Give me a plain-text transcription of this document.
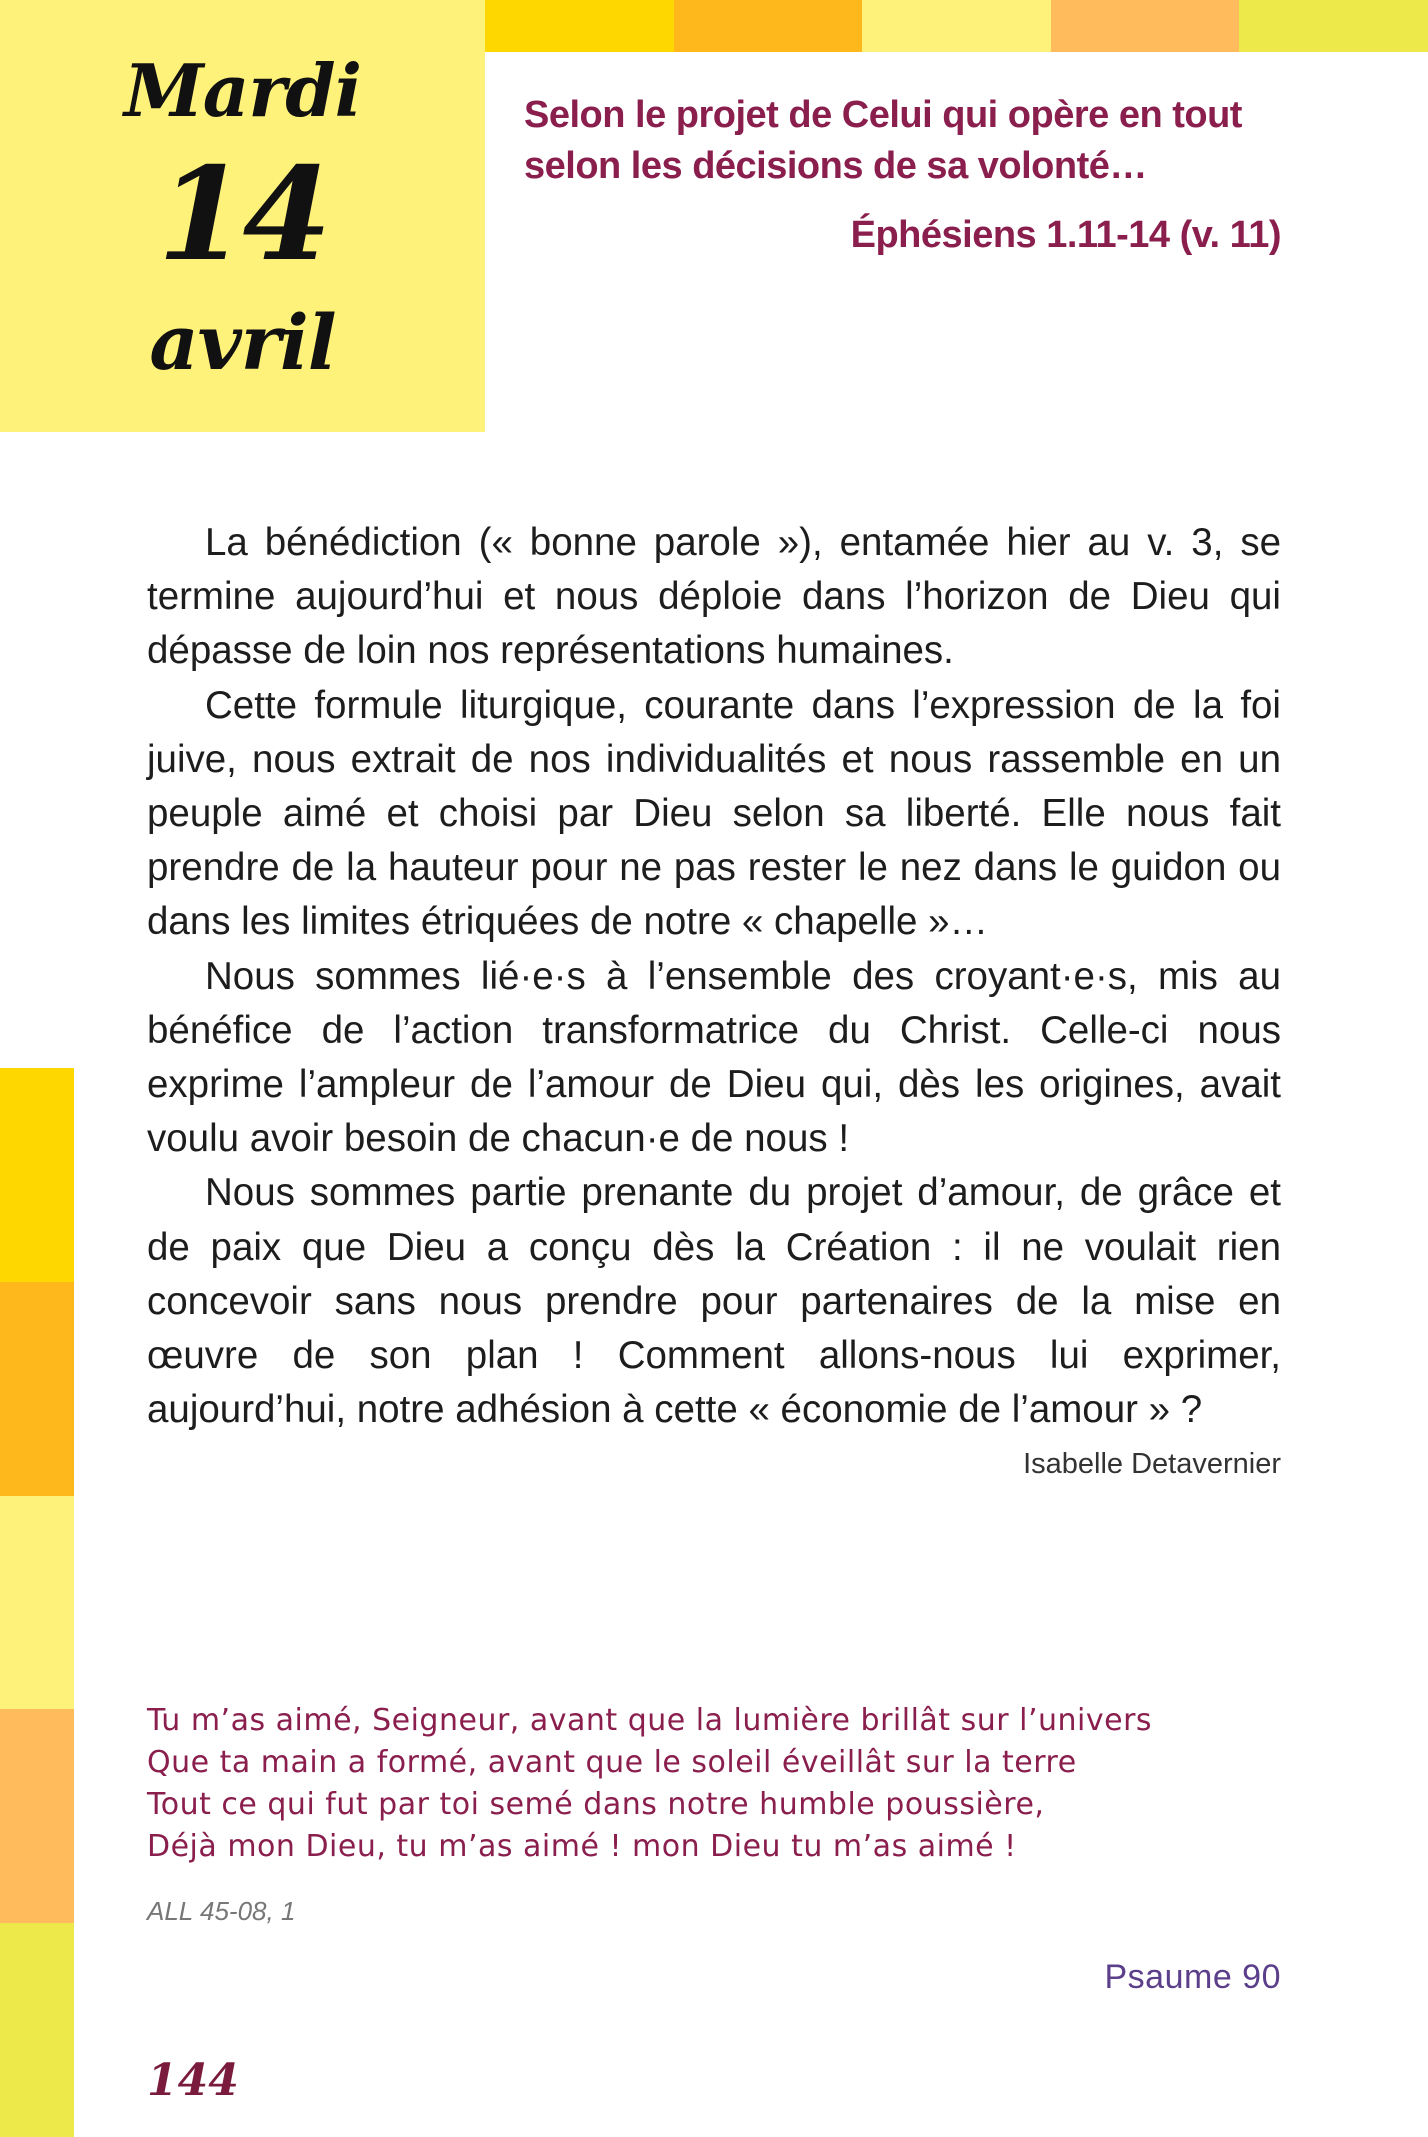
Mardi
14
avril
Selon le projet de Celui qui opère en tout selon les décisions de sa volonté…
Éphésiens 1.11-14 (v. 11)

La bénédiction (« bonne parole »), entamée hier au v. 3, se termine aujourd’hui et nous déploie dans l’horizon de Dieu qui dépasse de loin nos représentations humaines.

Cette formule liturgique, courante dans l’expression de la foi juive, nous extrait de nos individualités et nous rassemble en un peuple aimé et choisi par Dieu selon sa liberté. Elle nous fait prendre de la hauteur pour ne pas rester le nez dans le guidon ou dans les limites étriquées de notre « chapelle »…

Nous sommes lié·e·s à l’ensemble des croyant·e·s, mis au bénéfice de l’action transformatrice du Christ. Celle-ci nous exprime l’ampleur de l’amour de Dieu qui, dès les origines, avait voulu avoir besoin de chacun·e de nous !

Nous sommes partie prenante du projet d’amour, de grâce et de paix que Dieu a conçu dès la Création : il ne voulait rien concevoir sans nous prendre pour partenaires de la mise en œuvre de son plan ! Comment allons-nous lui exprimer, aujourd’hui, notre adhésion à cette « économie de l’amour » ?

Isabelle Detavernier
Tu m’as aimé, Seigneur, avant que la lumière brillât sur l’univers
Que ta main a formé, avant que le soleil éveillât sur la terre
Tout ce qui fut par toi semé dans notre humble poussière,
Déjà mon Dieu, tu m’as aimé ! mon Dieu tu m’as aimé !
ALL 45-08, 1
Psaume 90
144
